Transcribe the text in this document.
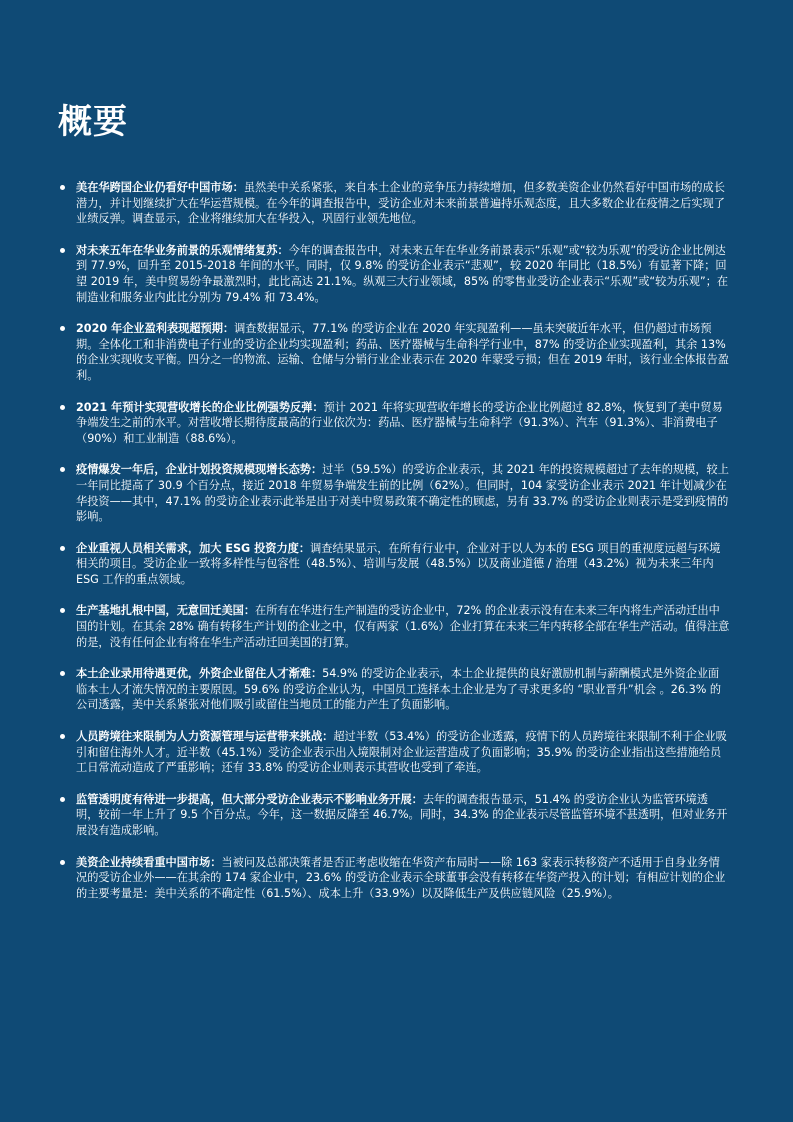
概要
美在华跨国企业仍看好中国市场：虽然美中关系紧张，来自本土企业的竞争压力持续增加，但多数美资企业仍然看好中国市场的成长潜力，并计划继续扩大在华运营规模。在今年的调查报告中，受访企业对未来前景普遍持乐观态度，且大多数企业在疫情之后实现了业绩反弹。调查显示，企业将继续加大在华投入，巩固行业领先地位。
对未来五年在华业务前景的乐观情绪复苏：今年的调查报告中，对未来五年在华业务前景表示“乐观”或“较为乐观”的受访企业比例达到 77.9%，回升至 2015-2018 年间的水平。同时，仅 9.8% 的受访企业表示“悲观”，较 2020 年同比（18.5%）有显著下降；回望 2019 年，美中贸易纷争最激烈时，此比高达 21.1%。纵观三大行业领域，85% 的零售业受访企业表示“乐观”或“较为乐观”；在制造业和服务业内此比分别为 79.4% 和 73.4%。
2020 年企业盈利表现超预期：调查数据显示，77.1% 的受访企业在 2020 年实现盈利——虽未突破近年水平，但仍超过市场预期。全体化工和非消费电子行业的受访企业均实现盈利；药品、医疗器械与生命科学行业中，87% 的受访企业实现盈利，其余 13% 的企业实现收支平衡。四分之一的物流、运输、仓储与分销行业企业表示在 2020 年蒙受亏损；但在 2019 年时，该行业全体报告盈利。
2021 年预计实现营收增长的企业比例强势反弹：预计 2021 年将实现营收年增长的受访企业比例超过 82.8%，恢复到了美中贸易争端发生之前的水平。对营收增长期待度最高的行业依次为：药品、医疗器械与生命科学（91.3%）、汽车（91.3%）、非消费电子（90%）和工业制造（88.6%）。
疫情爆发一年后，企业计划投资规模现增长态势：过半（59.5%）的受访企业表示，其 2021 年的投资规模超过了去年的规模，较上一年同比提高了 30.9 个百分点，接近 2018 年贸易争端发生前的比例（62%）。但同时，104 家受访企业表示 2021 年计划减少在华投资——其中，47.1% 的受访企业表示此举是出于对美中贸易政策不确定性的顾虑，另有 33.7% 的受访企业则表示是受到疫情的影响。
企业重视人员相关需求，加大 ESG 投资力度：调查结果显示，在所有行业中，企业对于以人为本的 ESG 项目的重视度远超与环境相关的项目。受访企业一致将多样性与包容性（48.5%）、培训与发展（48.5%）以及商业道德 / 治理（43.2%）视为未来三年内 ESG 工作的重点领域。
生产基地扎根中国，无意回迁美国：在所有在华进行生产制造的受访企业中，72% 的企业表示没有在未来三年内将生产活动迁出中国的计划。在其余 28% 确有转移生产计划的企业之中，仅有两家（1.6%）企业打算在未来三年内转移全部在华生产活动。值得注意的是，没有任何企业有将在华生产活动迁回美国的打算。
本土企业录用待遇更优，外资企业留住人才渐难：54.9% 的受访企业表示，本土企业提供的良好激励机制与薪酬模式是外资企业面临本土人才流失情况的主要原因。59.6% 的受访企业认为，中国员工选择本土企业是为了寻求更多的 “职业晋升”机会 。26.3% 的公司透露，美中关系紧张对他们吸引或留住当地员工的能力产生了负面影响。
人员跨境往来限制为人力资源管理与运营带来挑战：超过半数（53.4%）的受访企业透露，疫情下的人员跨境往来限制不利于企业吸引和留住海外人才。近半数（45.1%）受访企业表示出入境限制对企业运营造成了负面影响；35.9% 的受访企业指出这些措施给员工日常流动造成了严重影响；还有 33.8% 的受访企业则表示其营收也受到了牵连。
监管透明度有待进一步提高，但大部分受访企业表示不影响业务开展：去年的调查报告显示，51.4% 的受访企业认为监管环境透明，较前一年上升了 9.5 个百分点。今年，这一数据反降至 46.7%。同时，34.3% 的企业表示尽管监管环境不甚透明，但对业务开展没有造成影响。
美资企业持续看重中国市场：当被问及总部决策者是否正考虑收缩在华资产布局时——除 163 家表示转移资产不适用于自身业务情况的受访企业外——在其余的 174 家企业中，23.6% 的受访企业表示全球董事会没有转移在华资产投入的计划；有相应计划的企业的主要考量是：美中关系的不确定性（61.5%）、成本上升（33.9%）以及降低生产及供应链风险（25.9%）。
